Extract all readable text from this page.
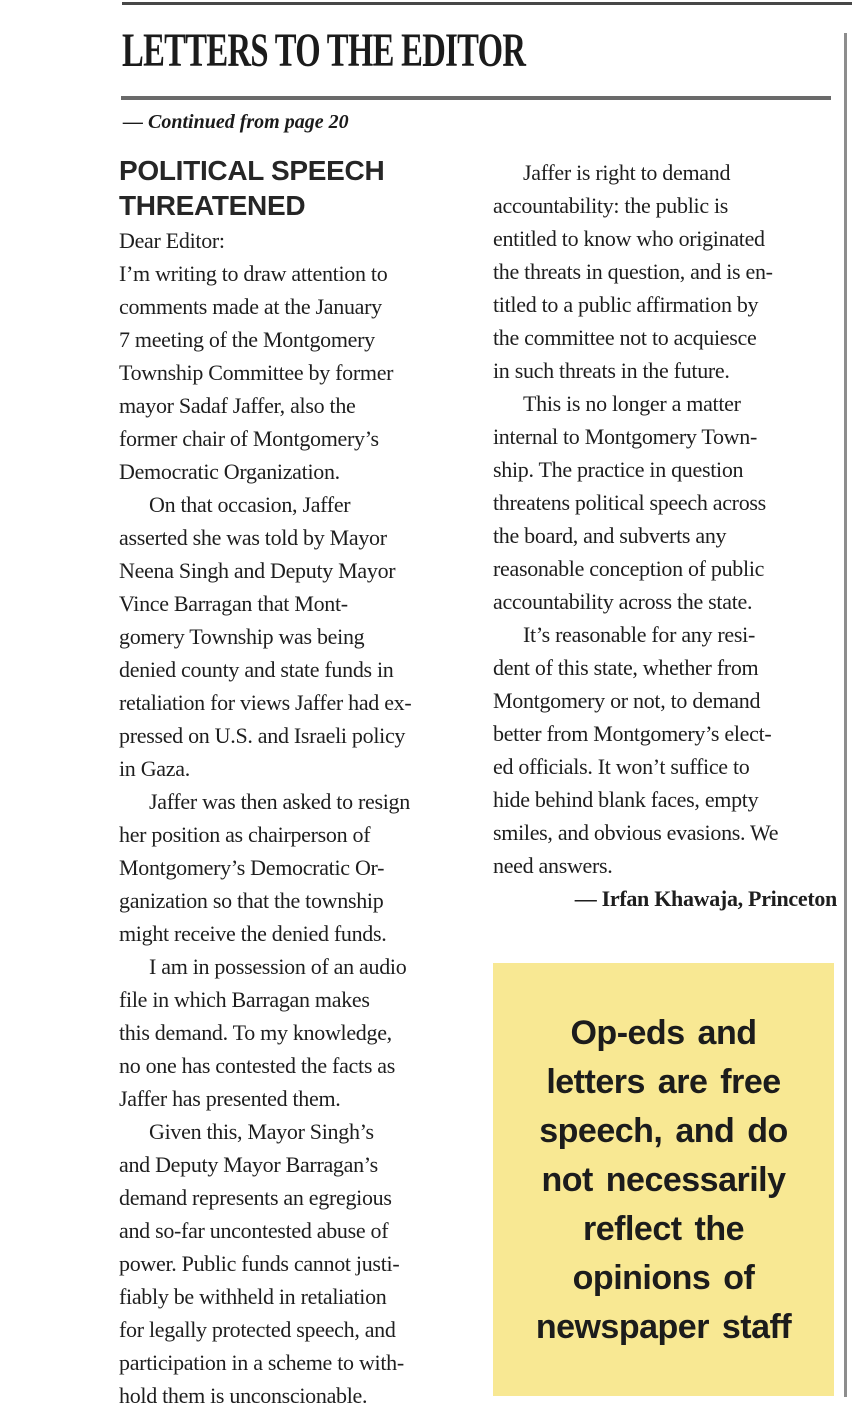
LETTERS TO THE EDITOR
— Continued from page 20
POLITICAL SPEECH
THREATENED
Dear Editor:
I’m writing to draw attention to
comments made at the January
7 meeting of the Montgomery
Township Committee by former
mayor Sadaf Jaffer, also the
former chair of Montgomery’s
Democratic Organization.
On that occasion, Jaffer
asserted she was told by Mayor
Neena Singh and Deputy Mayor
Vince Barragan that Mont-
gomery Township was being
denied county and state funds in
retaliation for views Jaffer had ex-
pressed on U.S. and Israeli policy
in Gaza.
Jaffer was then asked to resign
her position as chairperson of
Montgomery’s Democratic Or-
ganization so that the township
might receive the denied funds.
I am in possession of an audio
file in which Barragan makes
this demand. To my knowledge,
no one has contested the facts as
Jaffer has presented them.
Given this, Mayor Singh’s
and Deputy Mayor Barragan’s
demand represents an egregious
and so-far uncontested abuse of
power. Public funds cannot justi-
fiably be withheld in retaliation
for legally protected speech, and
participation in a scheme to with-
hold them is unconscionable.
Jaffer is right to demand
accountability: the public is
entitled to know who originated
the threats in question, and is en-
titled to a public affirmation by
the committee not to acquiesce
in such threats in the future.
This is no longer a matter
internal to Montgomery Town-
ship. The practice in question
threatens political speech across
the board, and subverts any
reasonable conception of public
accountability across the state.
It’s reasonable for any resi-
dent of this state, whether from
Montgomery or not, to demand
better from Montgomery’s elect-
ed officials. It won’t suffice to
hide behind blank faces, empty
smiles, and obvious evasions. We
need answers.
— Irfan Khawaja, Princeton
Op-eds and
letters are free
speech, and do
not necessarily
reflect the
opinions of
newspaper staff
